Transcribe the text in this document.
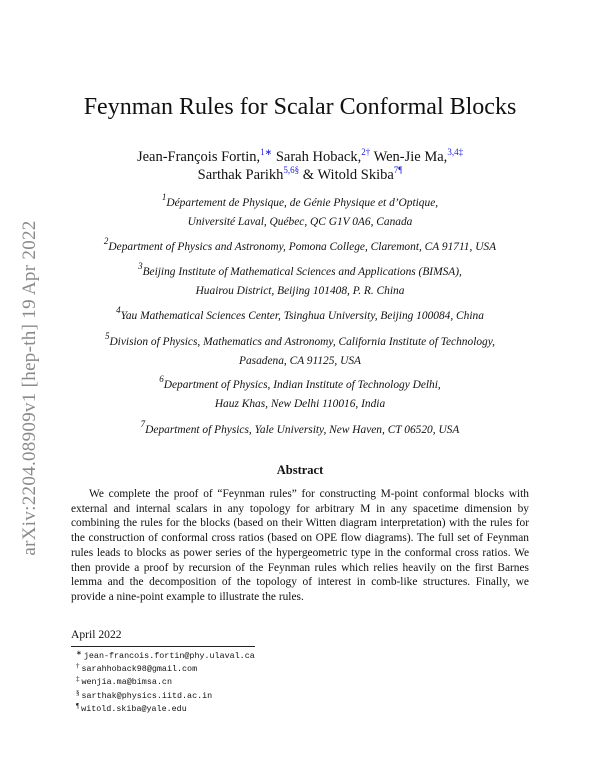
arXiv:2204.08909v1 [hep-th] 19 Apr 2022
Feynman Rules for Scalar Conformal Blocks
Jean-François Fortin,$^{1∗}$ Sarah Hoback,$^{2\dagger}$ Wen-Jie Ma,$^{3,4\ddagger}$
Sarthak Parikh$^{5,6\S}$ & Witold Skiba$^{7\P}$
$^1$Département de Physique, de Génie Physique et d’Optique,
Université Laval, Québec, QC G1V 0A6, Canada
$^2$Department of Physics and Astronomy, Pomona College, Claremont, CA 91711, USA
$^3$Beijing Institute of Mathematical Sciences and Applications (BIMSA),
Huairou District, Beijing 101408, P. R. China
$^4$Yau Mathematical Sciences Center, Tsinghua University, Beijing 100084, China
$^5$Division of Physics, Mathematics and Astronomy, California Institute of Technology,
Pasadena, CA 91125, USA
$^6$Department of Physics, Indian Institute of Technology Delhi,
Hauz Khas, New Delhi 110016, India
$^7$Department of Physics, Yale University, New Haven, CT 06520, USA
Abstract

We complete the proof of “Feynman rules” for constructing M-point conformal blocks with external and internal scalars in any topology for arbitrary M in any spacetime dimension by combining the rules for the blocks (based on their Witten diagram interpretation) with the rules for the construction of conformal cross ratios (based on OPE flow diagrams). The full set of Feynman rules leads to blocks as power series of the hypergeometric type in the conformal cross ratios. We then provide a proof by recursion of the Feynman rules which relies heavily on the first Barnes lemma and the decomposition of the topology of interest in comb-like structures. Finally, we provide a nine-point example to illustrate the rules.

April 2022
∗ jean-francois.fortin@phy.ulaval.ca
† sarahhoback98@gmail.com
‡ wenjia.ma@bimsa.cn
§ sarthak@physics.iitd.ac.in
¶ witold.skiba@yale.edu
